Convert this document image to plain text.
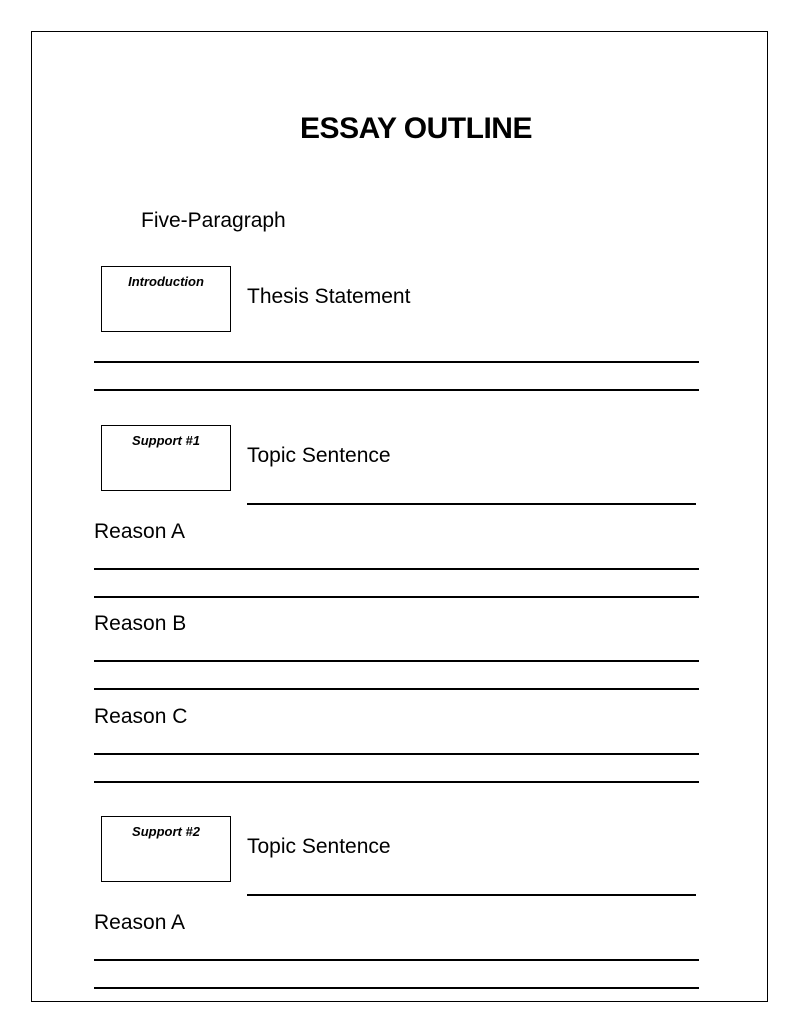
ESSAY OUTLINE
Five-Paragraph
Introduction
Thesis Statement
Support #1
Topic Sentence
Reason A
Reason B
Reason C
Support #2
Topic Sentence
Reason A
